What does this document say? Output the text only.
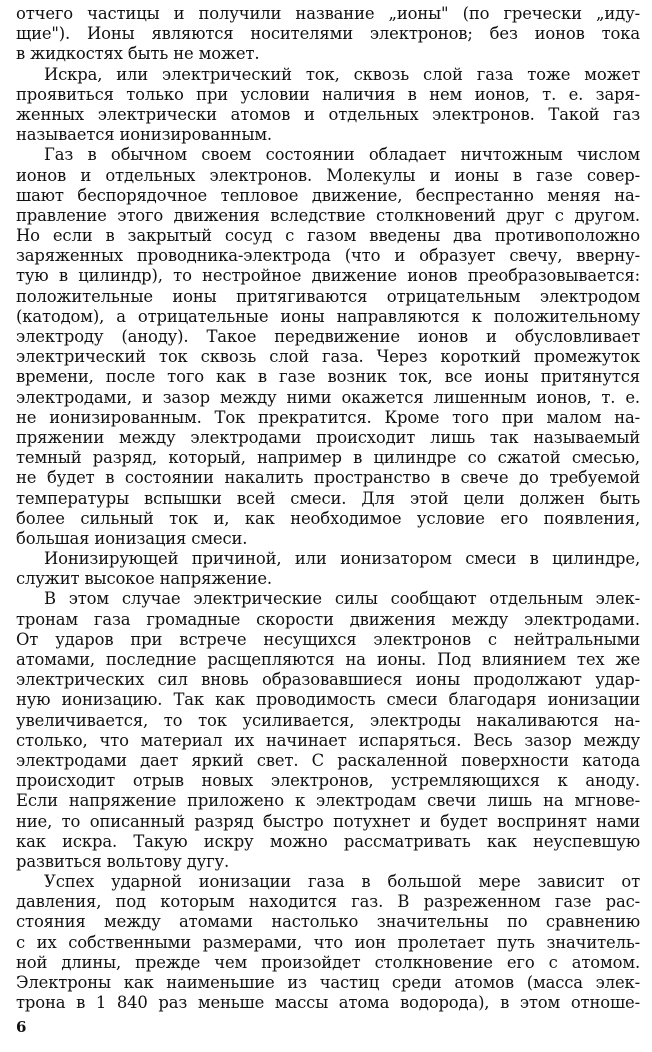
отчего частицы и получили название „ионы" (по гречески „иду-
щие"). Ионы являются носителями электронов; без ионов тока
в жидкостях быть не может.
Искра, или электрический ток, сквозь слой газа тоже может
проявиться только при условии наличия в нем ионов, т. е. заря-
женных электрически атомов и отдельных электронов. Такой газ
называется ионизированным.
Газ в обычном своем состоянии обладает ничтожным числом
ионов и отдельных электронов. Молекулы и ионы в газе совер-
шают беспорядочное тепловое движение, беспрестанно меняя на-
правление этого движения вследствие столкновений друг с другом.
Но если в закрытый сосуд с газом введены два противоположно
заряженных проводника-электрода (что и образует свечу, вверну-
тую в цилиндр), то нестройное движение ионов преобразовывается:
положительные ионы притягиваются отрицательным электродом
(катодом), а отрицательные ионы направляются к положительному
электроду (аноду). Такое передвижение ионов и обусловливает
электрический ток сквозь слой газа. Через короткий промежуток
времени, после того как в газе возник ток, все ионы притянутся
электродами, и зазор между ними окажется лишенным ионов, т. е.
не ионизированным. Ток прекратится. Кроме того при малом на-
пряжении между электродами происходит лишь так называемый
темный разряд, который, например в цилиндре со сжатой смесью,
не будет в состоянии накалить пространство в свече до требуемой
температуры вспышки всей смеси. Для этой цели должен быть
более сильный ток и, как необходимое условие его появления,
большая ионизация смеси.
Ионизирующей причиной, или ионизатором смеси в цилиндре,
служит высокое напряжение.
В этом случае электрические силы сообщают отдельным элек-
тронам газа громадные скорости движения между электродами.
От ударов при встрече несущихся электронов с нейтральными
атомами, последние расщепляются на ионы. Под влиянием тех же
электрических сил вновь образовавшиеся ионы продолжают удар-
ную ионизацию. Так как проводимость смеси благодаря ионизации
увеличивается, то ток усиливается, электроды накаливаются на-
столько, что материал их начинает испаряться. Весь зазор между
электродами дает яркий свет. С раскаленной поверхности катода
происходит отрыв новых электронов, устремляющихся к аноду.
Если напряжение приложено к электродам свечи лишь на мгнове-
ние, то описанный разряд быстро потухнет и будет воспринят нами
как искра. Такую искру можно рассматривать как неуспевшую
развиться вольтову дугу.
Успех ударной ионизации газа в большой мере зависит от
давления, под которым находится газ. В разреженном газе рас-
стояния между атомами настолько значительны по сравнению
с их собственными размерами, что ион пролетает путь значитель-
ной длины, прежде чем произойдет столкновение его с атомом.
Электроны как наименьшие из частиц среди атомов (масса элек-
трона в 1 840 раз меньше массы атома водорода), в этом отноше-
6
